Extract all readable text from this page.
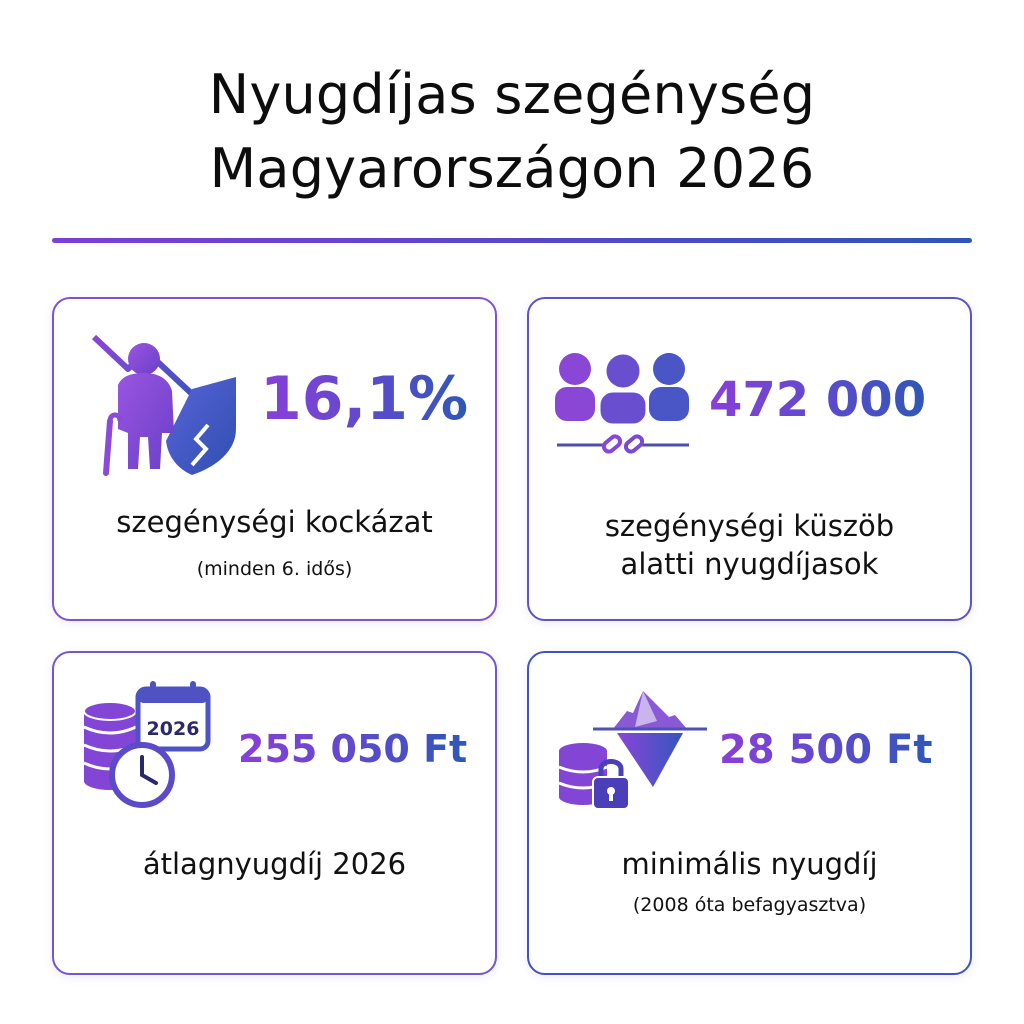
Nyugdíjas szegénység
Magyarországon 2026
16,1%
szegénységi kockázat
(minden 6. idős)
472 000
szegénységi küszöb
alatti nyugdíjasok
2026 255 050 Ft
átlagnyugdíj 2026
28 500 Ft
minimális nyugdíj
(2008 óta befagyasztva)
